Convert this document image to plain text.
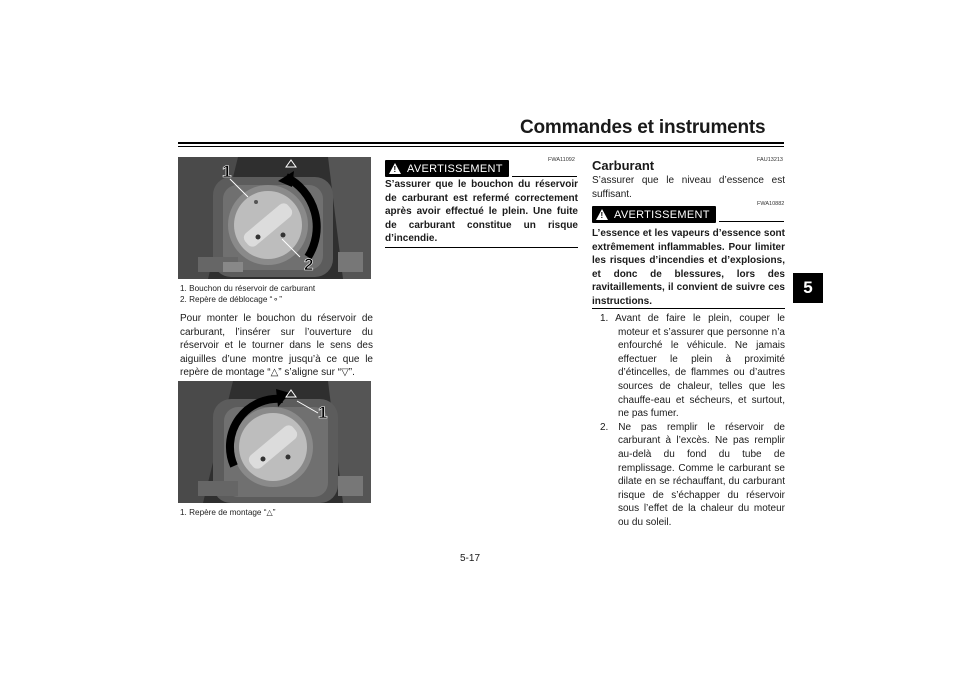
Commandes et instruments
5
1
2
1. Bouchon du réservoir de carburant
2. Repère de déblocage “⚬”
Pour monter le bouchon du réservoir de carburant, l’insérer sur l’ouverture du réservoir et le tourner dans le sens des aiguilles d’une montre jusqu’à ce que le repère de montage “△” s’aligne sur “▽”.
1
1. Repère de montage “△”
FWA11092
! AVERTISSEMENT
S’assurer que le bouchon du réservoir de carburant est refermé correctement après avoir effectué le plein. Une fuite de carburant constitue un risque d’incendie.
FAU13213
Carburant
S’assurer que le niveau d’essence est suffisant.
FWA10882
! AVERTISSEMENT
L’essence et les vapeurs d’essence sont extrêmement inflammables. Pour limiter les risques d’incendies et d’explosions, et donc de blessures, lors des ravitaillements, il convient de suivre ces instructions.

1. Avant de faire le plein, couper le moteur et s’assurer que personne n’a enfourché le véhicule. Ne jamais effectuer le plein à proximité d’étincelles, de flammes ou d’autres sources de chaleur, telles que les chauffe-eau et sécheurs, et surtout, ne pas fumer.

2. Ne pas remplir le réservoir de carburant à l’excès. Ne pas remplir au-delà du fond du tube de remplissage. Comme le carburant se dilate en se réchauffant, du carburant risque de s’échapper du réservoir sous l’effet de la chaleur du moteur ou du soleil.

5-17
